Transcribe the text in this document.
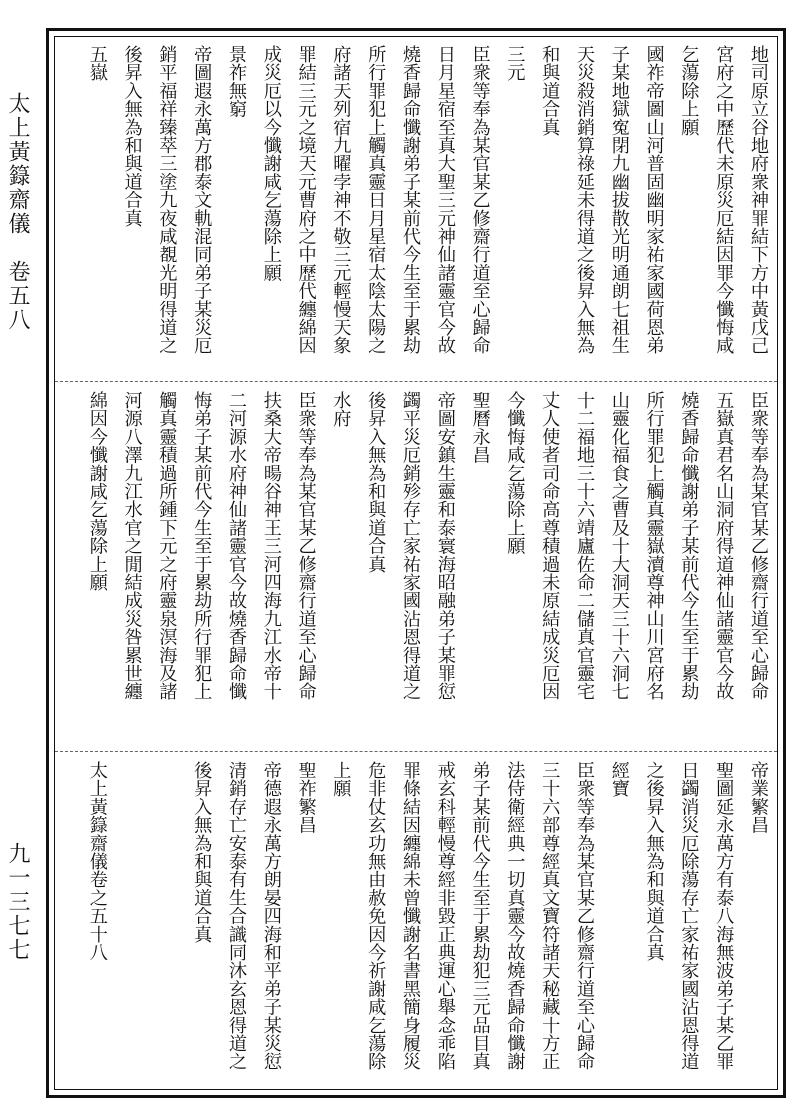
太上黃籙齋儀　卷五八
九一三七七
地司原立谷地府衆神罪結下方中黃戊己
宮府之中歷代未原災厄結因罪今懺悔咸
乞蕩除上願
國祚帝圖山河普固幽明家祐家國荷恩弟
子某地獄寃閉九幽拔散光明通朗七祖生
天災殺消銷算祿延未得道之後昇入無為
和與道合真
三元
臣衆等奉為某官某乙修齋行道至心歸命
日月星宿至真大聖三元神仙諸靈官今故
燒香歸命懺謝弟子某前代今生至于累劫
所行罪犯上觸真靈日月星宿太陰太陽之
府諸天列宿九曜孛神不敬三元輕慢天象
罪結三元之境天元曹府之中歷代纏綿因
成災厄以今懺謝咸乞蕩除上願
景祚無窮
帝圖遐永萬方郡泰文軌混同弟子某災厄
銷平福祥臻萃三塗九夜咸覩光明得道之
後昇入無為和與道合真
五嶽
臣衆等奉為某官某乙修齋行道至心歸命
五嶽真君名山洞府得道神仙諸靈官今故
燒香歸命懺謝弟子某前代今生至于累劫
所行罪犯上觸真靈嶽瀆尊神山川宮府名
山靈化福食之曹及十大洞天三十六洞七
十二福地三十六靖廬佐命二儲真官靈宅
丈人使者司命高尊積過未原結成災厄因
今懺悔咸乞蕩除上願
聖曆永昌
帝圖安鎮生靈和泰寰海昭融弟子某罪愆
蠲平災厄銷殄存亡家祐家國沾恩得道之
後昇入無為和與道合真
水府
臣衆等奉為某官某乙修齋行道至心歸命
扶桑大帝暘谷神王三河四海九江水帝十
二河源水府神仙諸靈官今故燒香歸命懺
悔弟子某前代今生至于累劫所行罪犯上
觸真靈積過所鍾下元之府靈泉溟海及諸
河源八澤九江水官之閒結成災咎累世纏
綿因今懺謝咸乞蕩除上願
帝業繁昌
聖圖延永萬方有泰八海無波弟子某乙罪
日蠲消災厄除蕩存亡家祐家國沾恩得道
之後昇入無為和與道合真
經寶
臣衆等奉為某官某乙修齋行道至心歸命
三十六部尊經真文寶符諸天秘藏十方正
法侍衛經典一切真靈今故燒香歸命懺謝
弟子某前代今生至于累劫犯三元品目真
戒玄科輕慢尊經非毀正典運心舉念乖陷
罪條結因纏綿未曾懺謝名書黑簡身履災
危非仗玄功無由赦免因今祈謝咸乞蕩除
上願
聖祚繁昌
帝德遐永萬方朗晏四海和平弟子某災愆
清銷存亡安泰有生合識同沐玄恩得道之
後昇入無為和與道合真
太上黃籙齋儀卷之五十八
